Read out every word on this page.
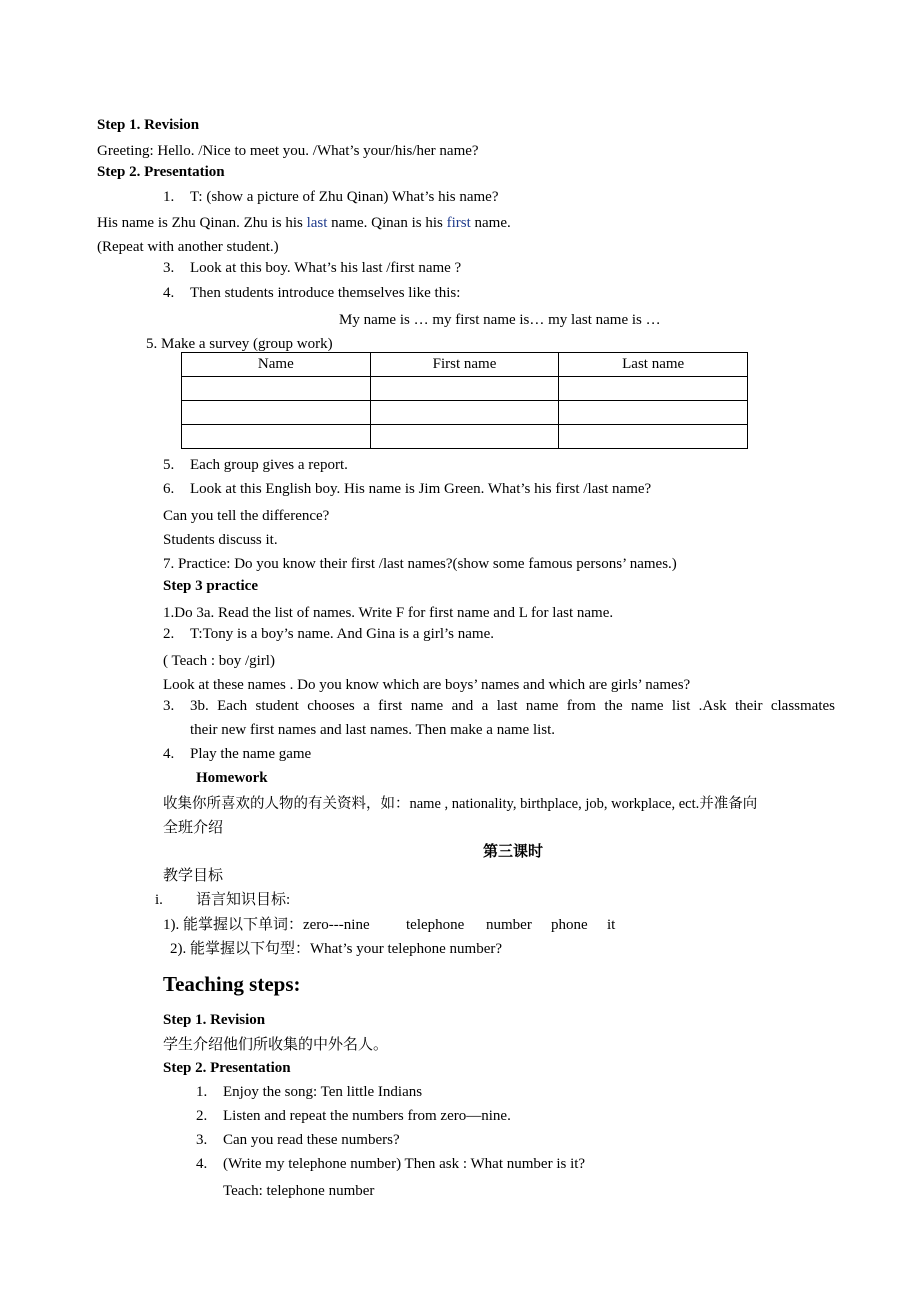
Step 1. Revision
Greeting: Hello. /Nice to meet you. /What’s your/his/her name?
Step 2. Presentation
1. T: (show a picture of Zhu Qinan) What’s his name?
His name is Zhu Qinan. Zhu is his last name. Qinan is his first name.
(Repeat with another student.)
3. Look at this boy. What’s his last /first name ?
4. Then students introduce themselves like this:
My name is … my first name is… my last name is …
5. Make a survey (group work)
Name	First name	Last name

5. Each group gives a report.
6. Look at this English boy. His name is Jim Green. What’s his first /last name?
Can you tell the difference?
Students discuss it.
7. Practice: Do you know their first /last names?(show some famous persons’ names.)
Step 3 practice
1.Do 3a. Read the list of names. Write F for first name and L for last name.
2. T:Tony is a boy’s name. And Gina is a girl’s name.
( Teach : boy /girl)
Look at these names . Do you know which are boys’ names and which are girls’ names?
3. 3b. Each student chooses a first name and a last name from the name list .Ask their classmates
their new first names and last names. Then make a name list.
4. Play the name game
Homework
收集你所喜欢的人物的有关资料，如：name , nationality, birthplace, job, workplace, ect.并准备向
全班介绍
第三课时
教学目标
i. 语言知识目标:
1). 能掌握以下单词：zero---nine telephone number phone it
2). 能掌握以下句型：What’s your telephone number?
Teaching steps:
Step 1. Revision
学生介绍他们所收集的中外名人。
Step 2. Presentation
1. Enjoy the song: Ten little Indians
2. Listen and repeat the numbers from zero—nine.
3. Can you read these numbers?
4. (Write my telephone number) Then ask : What number is it?
Teach: telephone number
